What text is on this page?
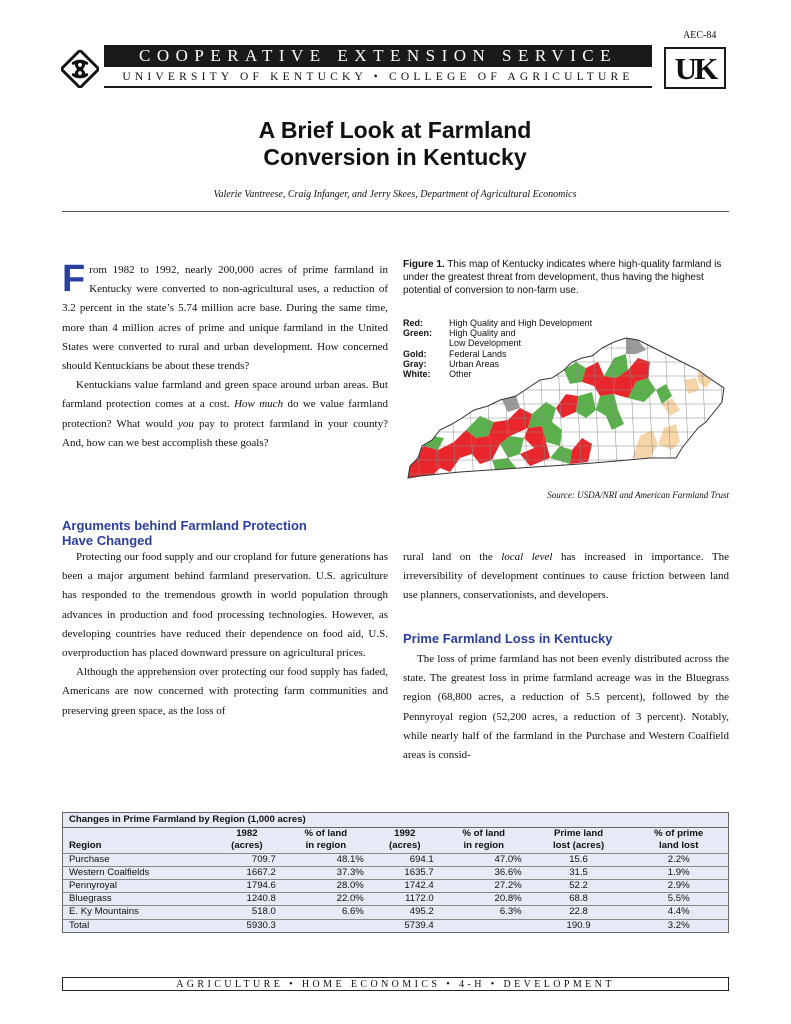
AEC-84
COOPERATIVE EXTENSION SERVICE
UNIVERSITY OF KENTUCKY • COLLEGE OF AGRICULTURE	UK
A Brief Look at Farmland
Conversion in Kentucky
Valerie Vantreese, Craig Infanger, and Jerry Skees, Department of Agricultural Economics

From 1982 to 1992, nearly 200,000 acres of prime farmland in Kentucky were converted to non-agricultural uses, a reduction of 3.2 percent in the state’s 5.74 million acre base. During the same time, more than 4 million acres of prime and unique farmland in the United States were converted to rural and urban development. How concerned should Kentuckians be about these trends?

Kentuckians value farmland and green space around urban areas. But farmland protection comes at a cost. How much do we value farmland protection? What would you pay to protect farmland in your county? And, how can we best accomplish these goals?

Figure 1. This map of Kentucky indicates where high-quality farmland is under the greatest threat from development, thus having the highest potential of conversion to non-farm use.
Red:	High Quality and High Development
Green:	High Quality and
Low Development
Gold:	Federal Lands
Gray:	Urban Areas
White:	Other
Source: USDA/NRI and American Farmland Trust
Arguments behind Farmland Protection
Have Changed

Protecting our food supply and our cropland for future generations has been a major argument behind farmland preservation. U.S. agriculture has responded to the tremendous growth in world population through advances in production and food processing technologies. However, as developing countries have reduced their dependence on food aid, U.S. overproduction has placed downward pressure on agricultural prices.

Although the apprehension over protecting our food supply has faded, Americans are now concerned with protecting farm communities and preserving green space, as the loss of

rural land on the local level has increased in importance. The irreversibility of development continues to cause friction between land use planners, conservationists, and developers.

Prime Farmland Loss in Kentucky

The loss of prime farmland has not been evenly distributed across the state. The greatest loss in prime farmland acreage was in the Bluegrass region (68,800 acres, a reduction of 5.5 percent), followed by the Pennyroyal region (52,200 acres, a reduction of 3 percent). Notably, while nearly half of the farmland in the Purchase and Western Coalfield areas is consid-

Changes in Prime Farmland by Region (1,000 acres)						
	1982	% of land	1992	% of land	Prime land	% of prime
Region	(acres)	in region	(acres)	in region	lost (acres)	land lost
Purchase	709.7	48.1%	694.1	47.0%	15.6	2.2%
Western Coalfields	1667.2	37.3%	1635.7	36.6%	31.5	1.9%
Pennyroyal	1794.6	28.0%	1742.4	27.2%	52.2	2.9%
Bluegrass	1240.8	22.0%	1172.0	20.8%	68.8	5.5%
E. Ky Mountains	518.0	6.6%	495.2	6.3%	22.8	4.4%
Total	5930.3		5739.4		190.9	3.2%
AGRICULTURE • HOME ECONOMICS • 4-H • DEVELOPMENT
